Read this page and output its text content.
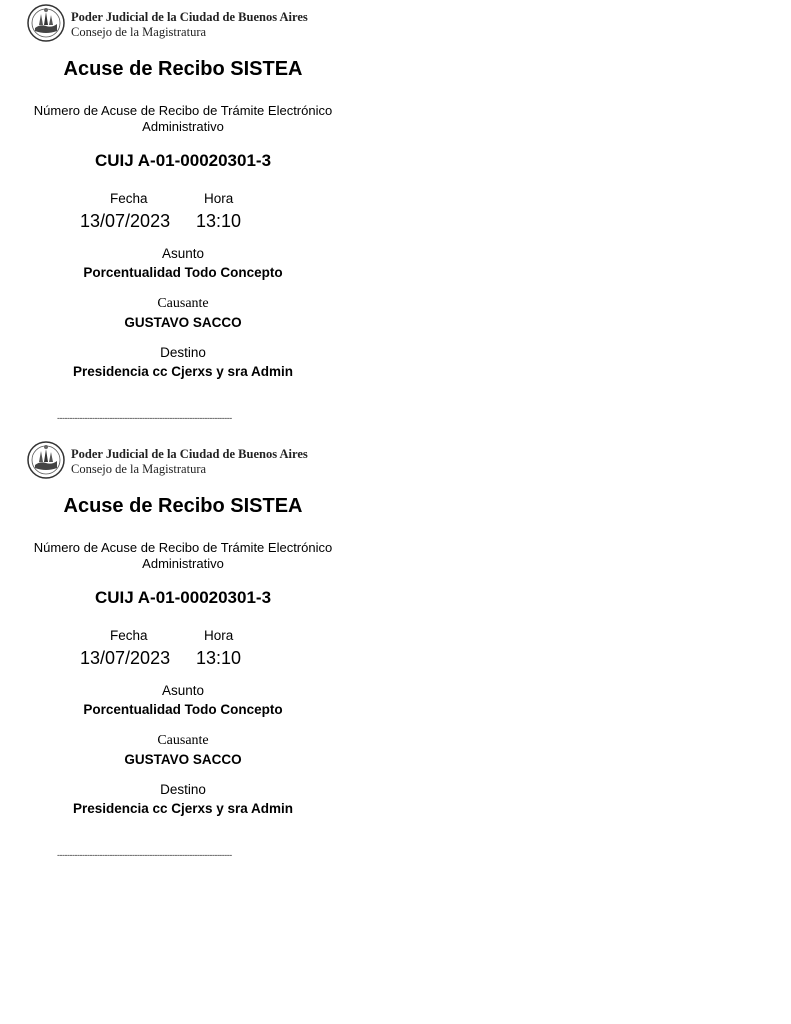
Poder Judicial de la Ciudad de Buenos Aires
Consejo de la Magistratura
Acuse de Recibo SISTEA
Número de Acuse de Recibo de Trámite Electrónico
Administrativo
CUIJ A-01-00020301-3
Fecha	Hora
13/07/2023 13:10
Asunto
Porcentualidad Todo Concepto
Causante
GUSTAVO SACCO
Destino
Presidencia cc Cjerxs y sra Admin
----------------------------------------------------------------------
Poder Judicial de la Ciudad de Buenos Aires
Consejo de la Magistratura
Acuse de Recibo SISTEA
Número de Acuse de Recibo de Trámite Electrónico
Administrativo
CUIJ A-01-00020301-3
Fecha	Hora
13/07/2023 13:10
Asunto
Porcentualidad Todo Concepto
Causante
GUSTAVO SACCO
Destino
Presidencia cc Cjerxs y sra Admin
----------------------------------------------------------------------
